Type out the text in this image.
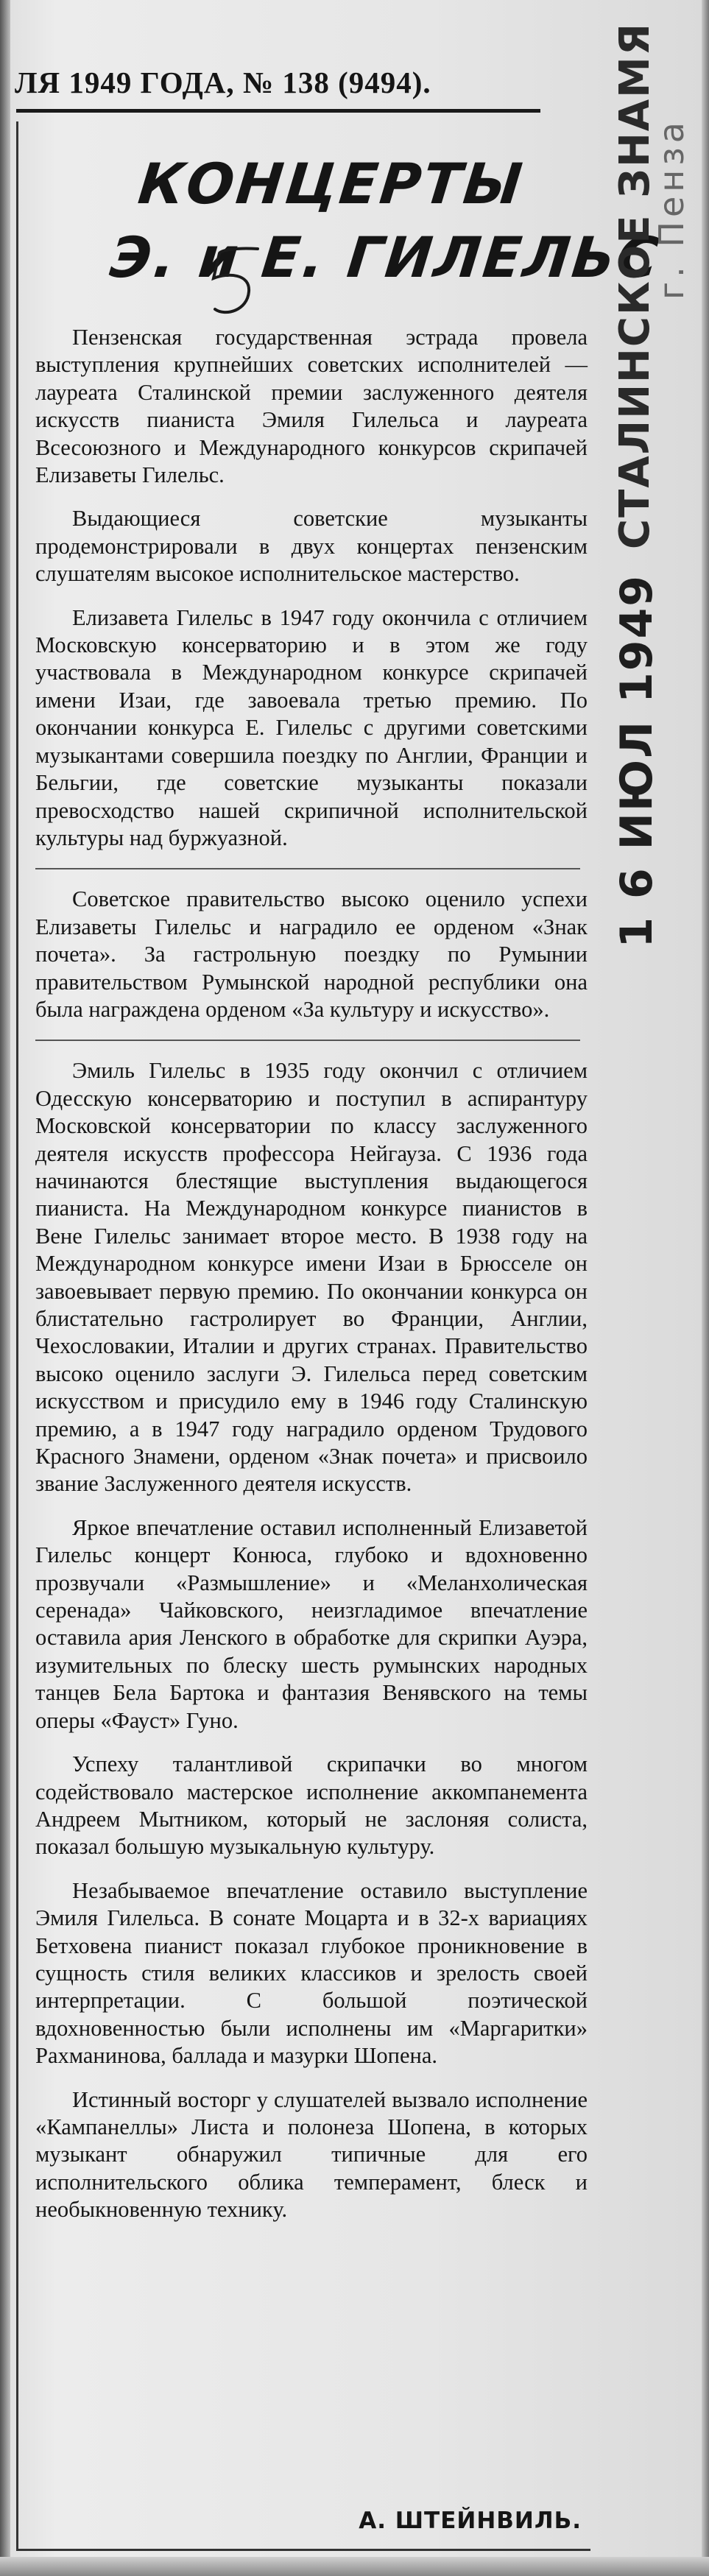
ЛЯ 1949 ГОДА, № 138 (9494).
КОНЦЕРТЫ
Э. и Е. ГИЛЕЛЬС
СТАЛИНСКОЕ ЗНАМЯ
г. Пенза
1 6 ИЮЛ 1949

Пензенская государственная эстрада провела выступления крупнейших советских исполнителей — лауреата Сталинской премии заслуженного деятеля искусств пианиста Эмиля Гилельса и лауреата Всесоюзного и Международного конкурсов скрипачей Елизаветы Гилельс.

Выдающиеся советские музыканты продемонстрировали в двух концертах пензенским слушателям высокое исполнительское мастерство.

Елизавета Гилельс в 1947 году окончила с отличием Московскую консерваторию и в этом же году участвовала в Международном конкурсе скрипачей имени Изаи, где завоевала третью премию. По окончании конкурса Е. Гилельс с другими советскими музыкантами совершила поездку по Англии, Франции и Бельгии, где советские музыканты показали превосходство нашей скрипичной исполнительской культуры над буржуазной.

Советское правительство высоко оценило успехи Елизаветы Гилельс и наградило ее орденом «Знак почета». За гастрольную поездку по Румынии правительством Румынской народной республики она была награждена орденом «За культуру и искусство».

Эмиль Гилельс в 1935 году окончил с отличием Одесскую консерваторию и поступил в аспирантуру Московской консерватории по классу заслуженного деятеля искусств профессора Нейгауза. С 1936 года начинаются блестящие выступления выдающегося пианиста. На Международном конкурсе пианистов в Вене Гилельс занимает второе место. В 1938 году на Международном конкурсе имени Изаи в Брюсселе он завоевывает первую премию. По окончании конкурса он блистательно гастролирует во Франции, Англии, Чехословакии, Италии и других странах. Правительство высоко оценило заслуги Э. Гилельса перед советским искусством и присудило ему в 1946 году Сталинскую премию, а в 1947 году наградило орденом Трудового Красного Знамени, орденом «Знак почета» и присвоило звание Заслуженного деятеля искусств.

Яркое впечатление оставил исполненный Елизаветой Гилельс концерт Конюса, глубоко и вдохновенно прозвучали «Размышление» и «Меланхолическая серенада» Чайковского, неизгладимое впечатление оставила ария Ленского в обработке для скрипки Ауэра, изумительных по блеску шесть румынских народных танцев Бела Бартока и фантазия Венявского на темы оперы «Фауст» Гуно.

Успеху талантливой скрипачки во многом содействовало мастерское исполнение аккомпанемента Андреем Мытником, который не заслоняя солиста, показал большую музыкальную культуру.

Незабываемое впечатление оставило выступление Эмиля Гилельса. В сонате Моцарта и в 32-х вариациях Бетховена пианист показал глубокое проникновение в сущность стиля великих классиков и зрелость своей интерпретации. С большой поэтической вдохновенностью были исполнены им «Маргаритки» Рахманинова, баллада и мазурки Шопена.

Истинный восторг у слушателей вызвало исполнение «Кампанеллы» Листа и полонеза Шопена, в которых музыкант обнаружил типичные для его исполнительского облика темперамент, блеск и необыкновенную технику.

А. ШТЕЙНВИЛЬ.
